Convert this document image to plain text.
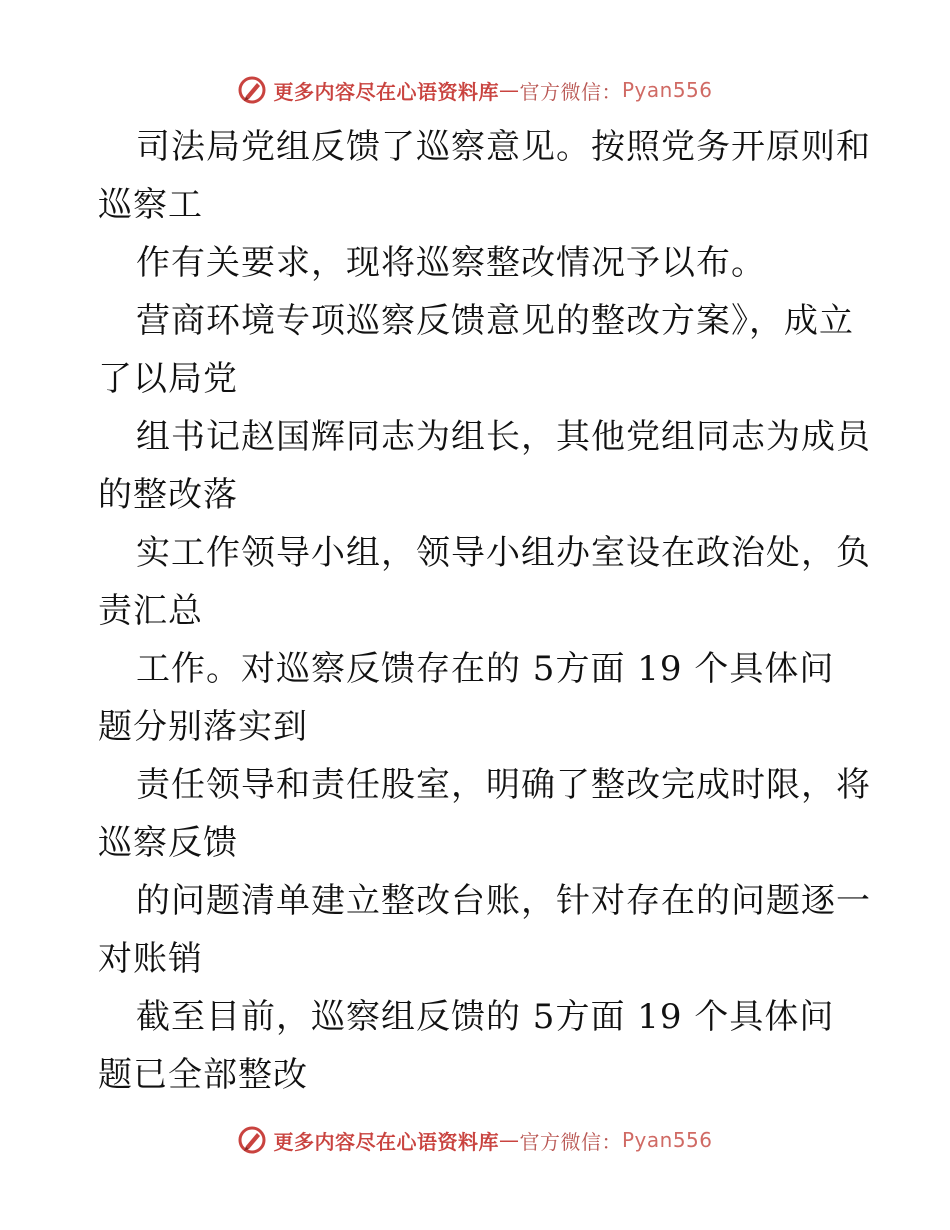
更多内容尽在心语资料库 — 官方微信： Pyan556
司法局党组反馈了巡察意见。按照党务开原则和
巡察工
作有关要求，现将巡察整改情况予以布。
营商环境专项巡察反馈意见的整改方案》，成立
了以局党
组书记赵国辉同志为组长，其他党组同志为成员
的整改落
实工作领导小组，领导小组办室设在政治处，负
责汇总
工作。对巡察反馈存在的 5方面 19 个具体问
题分别落实到
责任领导和责任股室，明确了整改完成时限，将
巡察反馈
的问题清单建立整改台账，针对存在的问题逐一
对账销
截至目前，巡察组反馈的 5方面 19 个具体问
题已全部整改
更多内容尽在心语资料库 — 官方微信： Pyan556
